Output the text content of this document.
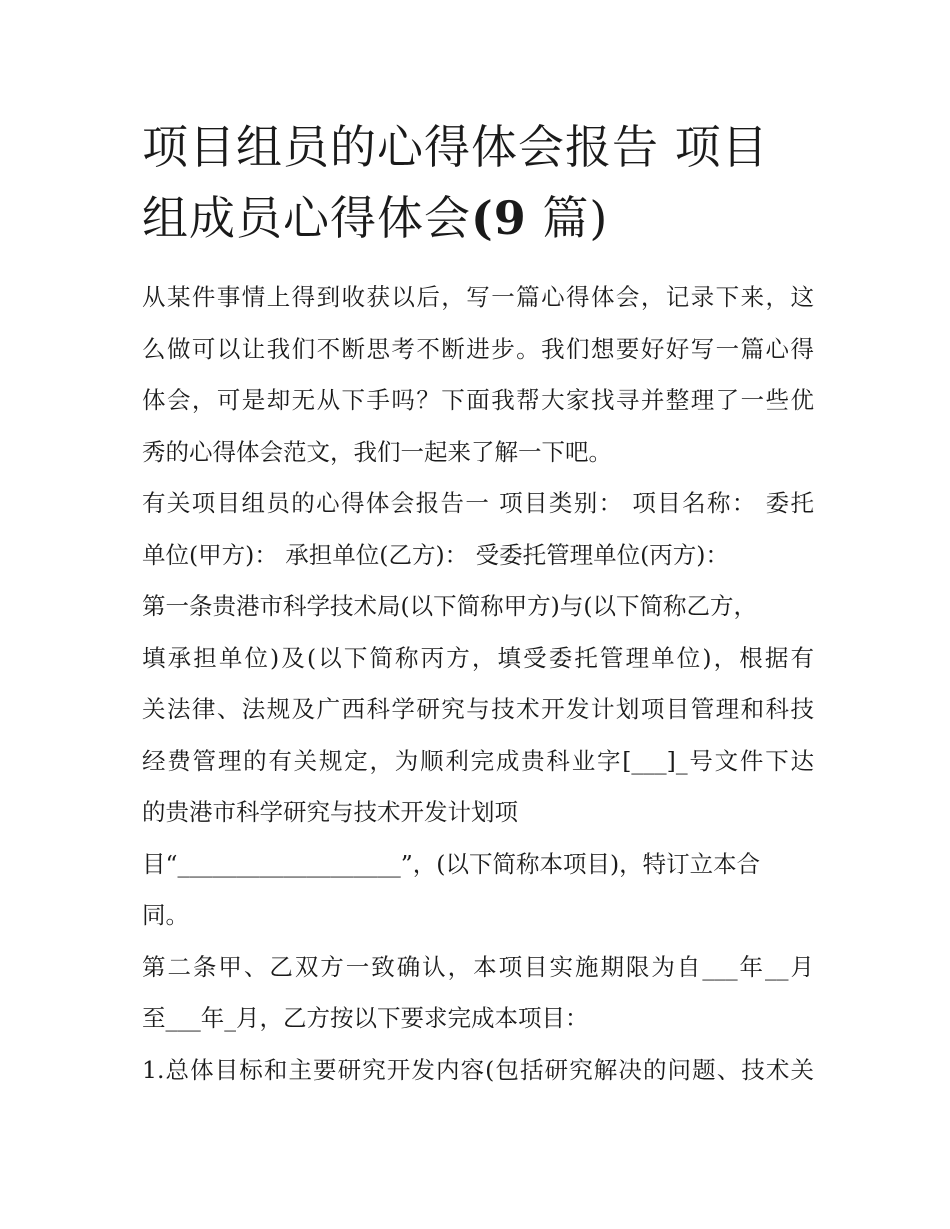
项目组员的心得体会报告 项目
组成员心得体会(9 篇)
从某件事情上得到收获以后，写一篇心得体会，记录下来，这
么做可以让我们不断思考不断进步。我们想要好好写一篇心得
体会，可是却无从下手吗？下面我帮大家找寻并整理了一些优
秀的心得体会范文，我们一起来了解一下吧。
有关项目组员的心得体会报告一 项目类别： 项目名称： 委托
单位(甲方)： 承担单位(乙方)： 受委托管理单位(丙方)：
第一条贵港市科学技术局(以下简称甲方)与(以下简称乙方，
填承担单位)及(以下简称丙方，填受委托管理单位)，根据有
关法律、法规及广西科学研究与技术开发计划项目管理和科技
经费管理的有关规定，为顺利完成贵科业字[___]_号文件下达
的贵港市科学研究与技术开发计划项
目“___________________”，(以下简称本项目)，特订立本合
同。
第二条甲、乙双方一致确认，本项目实施期限为自___年__月
至___年_月，乙方按以下要求完成本项目：
1.总体目标和主要研究开发内容(包括研究解决的问题、技术关
